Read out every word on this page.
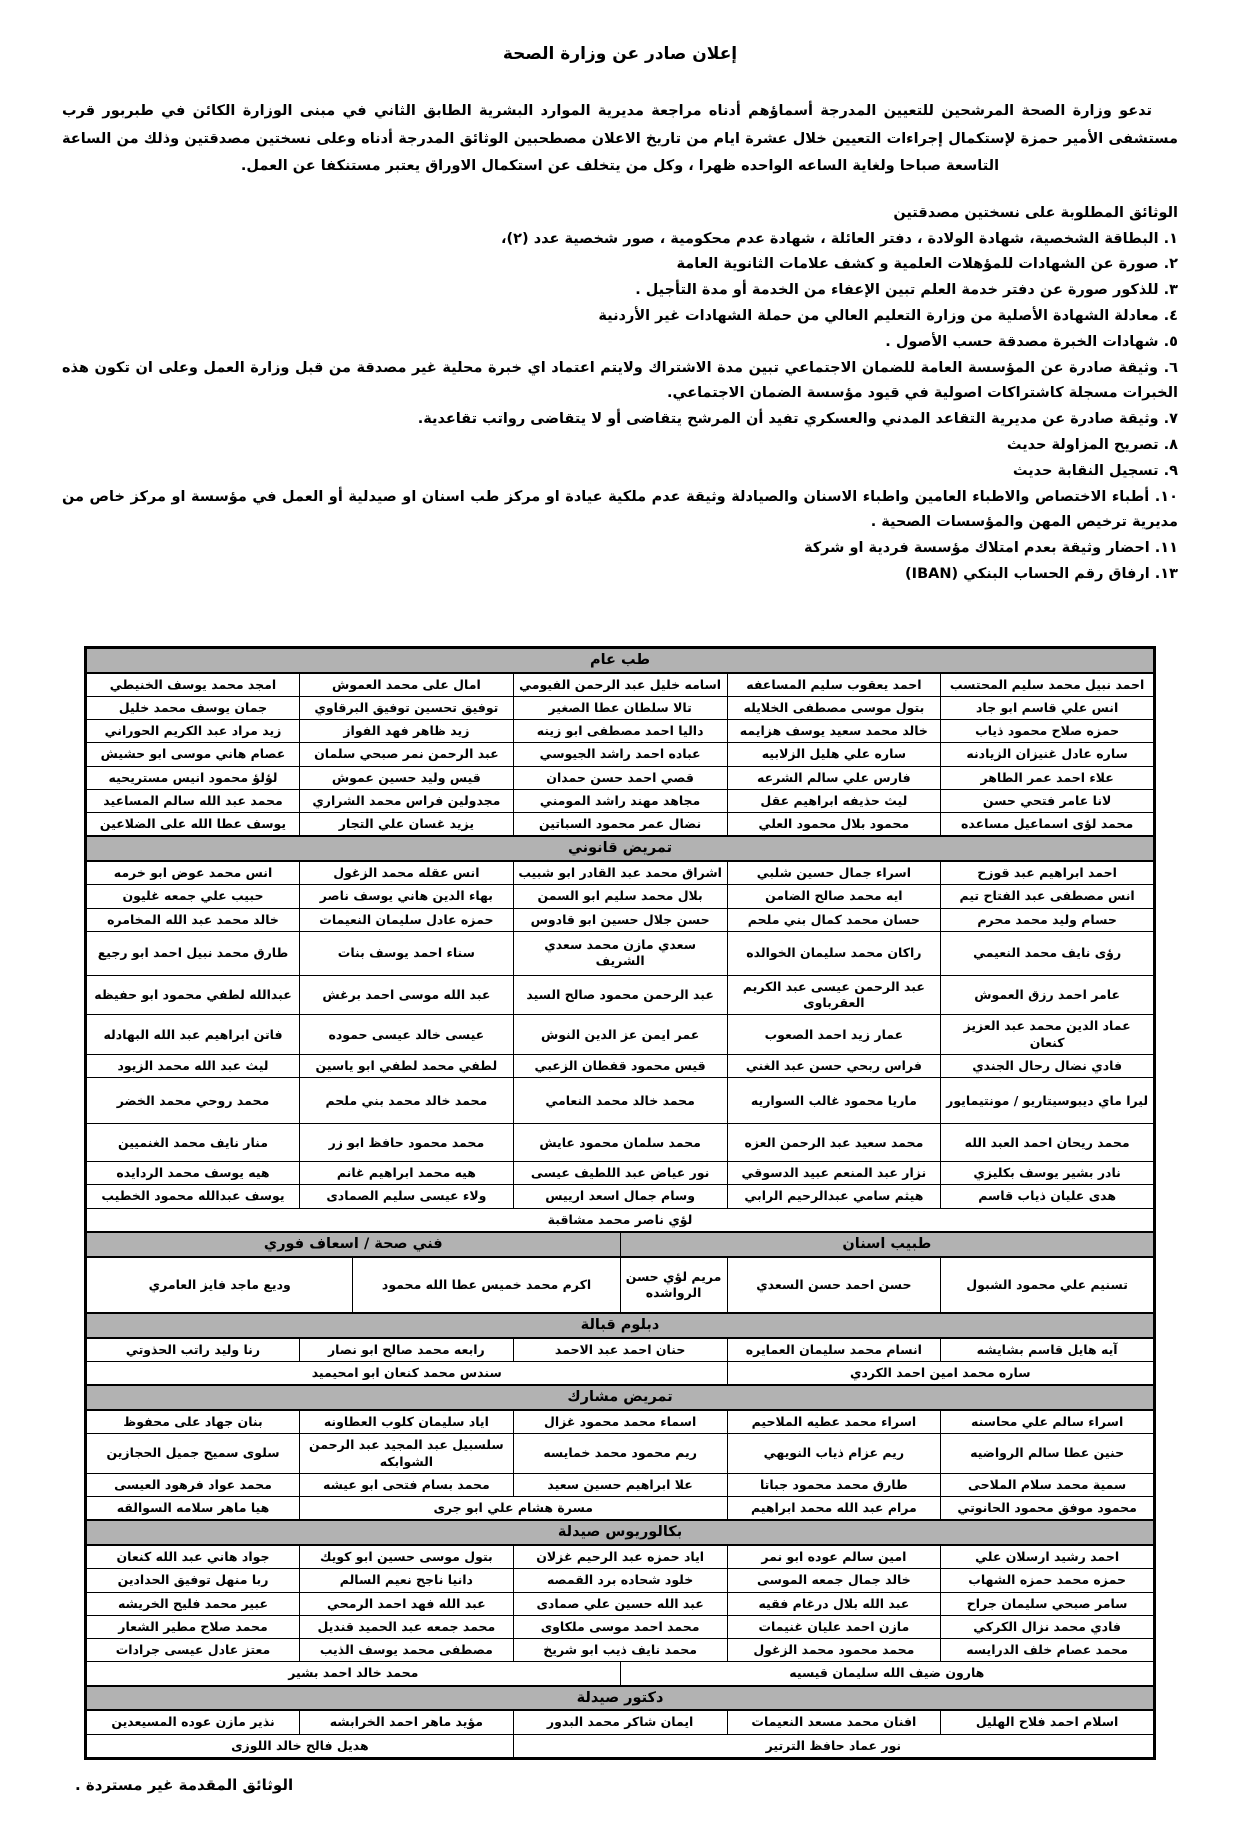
إعلان صادر عن وزارة الصحة

تدعو وزارة الصحة المرشحين للتعيين المدرجة أسماؤهم أدناه مراجعة مديرية الموارد البشرية الطابق الثاني في مبنى الوزارة الكائن في طبربور قرب مستشفى الأمير حمزة لإستكمال إجراءات التعيين خلال عشرة ايام من تاريخ الاعلان مصطحبين الوثائق المدرجة أدناه وعلى نسختين مصدقتين وذلك من الساعة التاسعة صباحا ولغاية الساعه الواحده ظهرا ، وكل من يتخلف عن استكمال الاوراق يعتبر مستنكفا عن العمل.

الوثائق المطلوبة على نسختين مصدقتين
١. البطاقة الشخصية، شهادة الولادة ، دفتر العائلة ، شهادة عدم محكومية ، صور شخصية عدد (٢)،
٢. صورة عن الشهادات للمؤهلات العلمية و كشف علامات الثانوية العامة
٣. للذكور صورة عن دفتر خدمة العلم تبين الإعفاء من الخدمة أو مدة التأجيل .
٤. معادلة الشهادة الأصلية من وزارة التعليم العالي من حملة الشهادات غير الأردنية
٥. شهادات الخبرة مصدقة حسب الأصول .
٦. وثيقة صادرة عن المؤسسة العامة للضمان الاجتماعي تبين مدة الاشتراك ولايتم اعتماد اي خبرة محلية غير مصدقة من قبل وزارة العمل وعلى ان تكون هذه الخبرات مسجلة كاشتراكات اصولية في قيود مؤسسة الضمان الاجتماعي.
٧. وثيقة صادرة عن مديرية التقاعد المدني والعسكري تفيد أن المرشح يتقاضى أو لا يتقاضى رواتب تقاعدية.
٨. تصريح المزاولة حديث
٩. تسجيل النقابة حديث
١٠. أطباء الاختصاص والاطباء العامين واطباء الاسنان والصيادلة وثيقة عدم ملكية عيادة او مركز طب اسنان او صيدلية أو العمل في مؤسسة او مركز خاص من مديرية ترخيص المهن والمؤسسات الصحية .
١١. احضار وثيقة بعدم امتلاك مؤسسة فردية او شركة
١٣. ارفاق رقم الحساب البنكي (IBAN)
طب عام						
احمد نبيل محمد سليم المحتسب	احمد يعقوب سليم المساعفه	اسامه خليل عبد الرحمن الفيومي		امال على محمد العموش		امجد محمد يوسف الخنيطي
انس علي قاسم ابو جاد	بتول موسى مصطفى الخلايله	تالا سلطان عطا الصغير		توفيق تحسين توفيق البرقاوي		جمان يوسف محمد خليل
حمزه صلاح محمود ذياب	خالد محمد سعيد يوسف هزايمه	داليا احمد مصطفى ابو زينه		زيد ظاهر فهد الفواز		زيد مراد عبد الكريم الحوراني
ساره عادل غنيزان الزيادنه	ساره علي هليل الزلابيه	عباده احمد راشد الجيوسي		عبد الرحمن نمر صبحي سلمان		عصام هاني موسى ابو حشيش
علاء احمد عمر الطاهر	فارس علي سالم الشرعه	قصي احمد حسن حمدان		قيس وليد حسين عموش		لؤلؤ محمود انيس مستريحيه
لانا عامر فتحي حسن	ليث حذيفه ابراهيم عقل	مجاهد مهند راشد المومني		مجدولين فراس محمد الشراري		محمد عبد الله سالم المساعيد
محمد لؤى اسماعيل مساعده	محمود بلال محمود العلي	نضال عمر محمود السباتين		يزيد غسان علي التجار		يوسف عطا الله على الضلاعين
تمريض قانوني						
احمد ابراهيم عبد قوزح	اسراء جمال حسين شلبي	اشراق محمد عبد القادر ابو شبيب		انس عقله محمد الزغول		انس محمد عوض ابو خرمه
انس مصطفى عبد الفتاح تيم	ايه محمد صالح الضامن	بلال محمد سليم ابو السمن		بهاء الدين هاني يوسف ناصر		حبيب علي جمعه غليون
حسام وليد محمد محرم	حسان محمد كمال بني ملحم	حسن جلال حسين ابو قادوس		حمزه عادل سليمان النعيمات		خالد محمد عبد الله المخامره
رؤى نايف محمد النعيمي	راكان محمد سليمان الخوالده	سعدي مازن محمد سعدي الشريف		سناء احمد يوسف بنات		طارق محمد نبيل احمد ابو رجيع
عامر احمد رزق العموش	عبد الرحمن عيسى عبد الكريم العقرباوى	عبد الرحمن محمود صالح السيد		عبد الله موسى احمد برغش		عبدالله لطفي محمود ابو حفيظه
عماد الدين محمد عبد العزيز كنعان	عمار زيد احمد الصعوب	عمر ايمن عز الدين النوش		عيسى خالد عيسى حموده		فاتن ابراهيم عبد الله البهادله
فادي نضال رحال الجندي	فراس ربحي حسن عبد الغني	قيس محمود قفطان الزعبي		لطفي محمد لطفي ابو ياسين		ليث عبد الله محمد الزيود
ليرا ماي ديبوسيتاريو / مونتيمايور	ماريا محمود غالب السواريه	محمد خالد محمد النعامي		محمد خالد محمد بني ملحم		محمد روحي محمد الخضر
محمد ريحان احمد العبد الله	محمد سعيد عبد الرحمن العزه	محمد سلمان محمود عايش		محمد محمود حافظ ابو زر		منار نايف محمد الغنميين
نادر بشير يوسف بكليزي	نزار عبد المنعم عبيد الدسوقي	نور عياض عبد اللطيف عيسى		هيه محمد ابراهيم غانم		هيه يوسف محمد الردايده
هدى عليان ذياب قاسم	هيثم سامي عبدالرحيم الرابي	وسام جمال اسعد ارييس		ولاء عيسى سليم الصمادى		يوسف عبدالله محمود الخطيب
لؤي ناصر محمد مشاقبة						
طبيب اسنان			فني صحة / اسعاف فوري			
تسنيم علي محمود الشبول	حسن احمد حسن السعدي	مريم لؤي حسن الرواشده	اكرم محمد خميس عطا الله محمود		وديع ماجد فايز العامري	
دبلوم قبالة						
آيه هايل قاسم بشايشه	انسام محمد سليمان العمايره	حنان احمد عبد الاحمد		رابعه محمد صالح ابو نصار		رنا وليد راتب الحذوتي
ساره محمد امين احمد الكردي		سندس محمد كنعان ابو امحيميد				
تمريض مشارك						
اسراء سالم علي محاسنه	اسراء محمد عطيه الملاحيم	اسماء محمد محمود غزال		اياد سليمان كلوب العطاونه		بنان جهاد على محفوظ
حنين عطا سالم الرواضيه	ريم عزام ذياب النويهي	ريم محمود محمد خمايسه		سلسبيل عبد المجيد عبد الرحمن الشوابكه		سلوى سميح جميل الحجازين
سمية محمد سلام الملاحى	طارق محمد محمود جباتا	علا ابراهيم حسين سعيد		محمد بسام فتحى ابو عيشه		محمد عواد فرهود العيسى
محمود موفق محمود الحانوتي	مرام عبد الله محمد ابراهيم	مسرة هشام علي ابو جرى				هيا ماهر سلامه السوالقه
بكالوريوس صيدلة						
احمد رشيد ارسلان علي	امين سالم عوده ابو نمر	اياد حمزه عبد الرحيم غزلان		بتول موسى حسين ابو كويك		جواد هاني عبد الله كنعان
حمزه محمد حمزه الشهاب	خالد جمال جمعه الموسى	خلود شحاده برد القمصه		دانيا ناجح نعيم السالم		ربا منهل توفيق الحدادين
سامر صبحي سليمان جراح	عبد الله بلال درغام فقيه	عبد الله حسين علي صمادى		عبد الله فهد احمد الرمحي		عبير محمد فليح الخريشه
فادي محمد نزال الكركي	مازن احمد عليان غنيمات	محمد احمد موسى ملكاوى		محمد جمعه عبد الحميد قنديل		محمد صلاح مطير الشعار
محمد عصام خلف الدرايسه	محمد محمود محمد الزغول	محمد نايف ذيب ابو شريخ		مصطفى محمد يوسف الذيب		معتز عادل عيسى جرادات
هارون ضيف الله سليمان قيسيه			محمد خالد احمد بشير			
دكتور صيدلة						
اسلام احمد فلاح الهليل	افنان محمد مسعد النعيمات	ايمان شاكر محمد البدور		مؤيد ماهر احمد الخرابشه		نذير مازن عوده المسيعدين
نور عماد حافظ الترتير				هديل فالح خالد اللوزى		
الوثائق المقدمة غير مستردة .
